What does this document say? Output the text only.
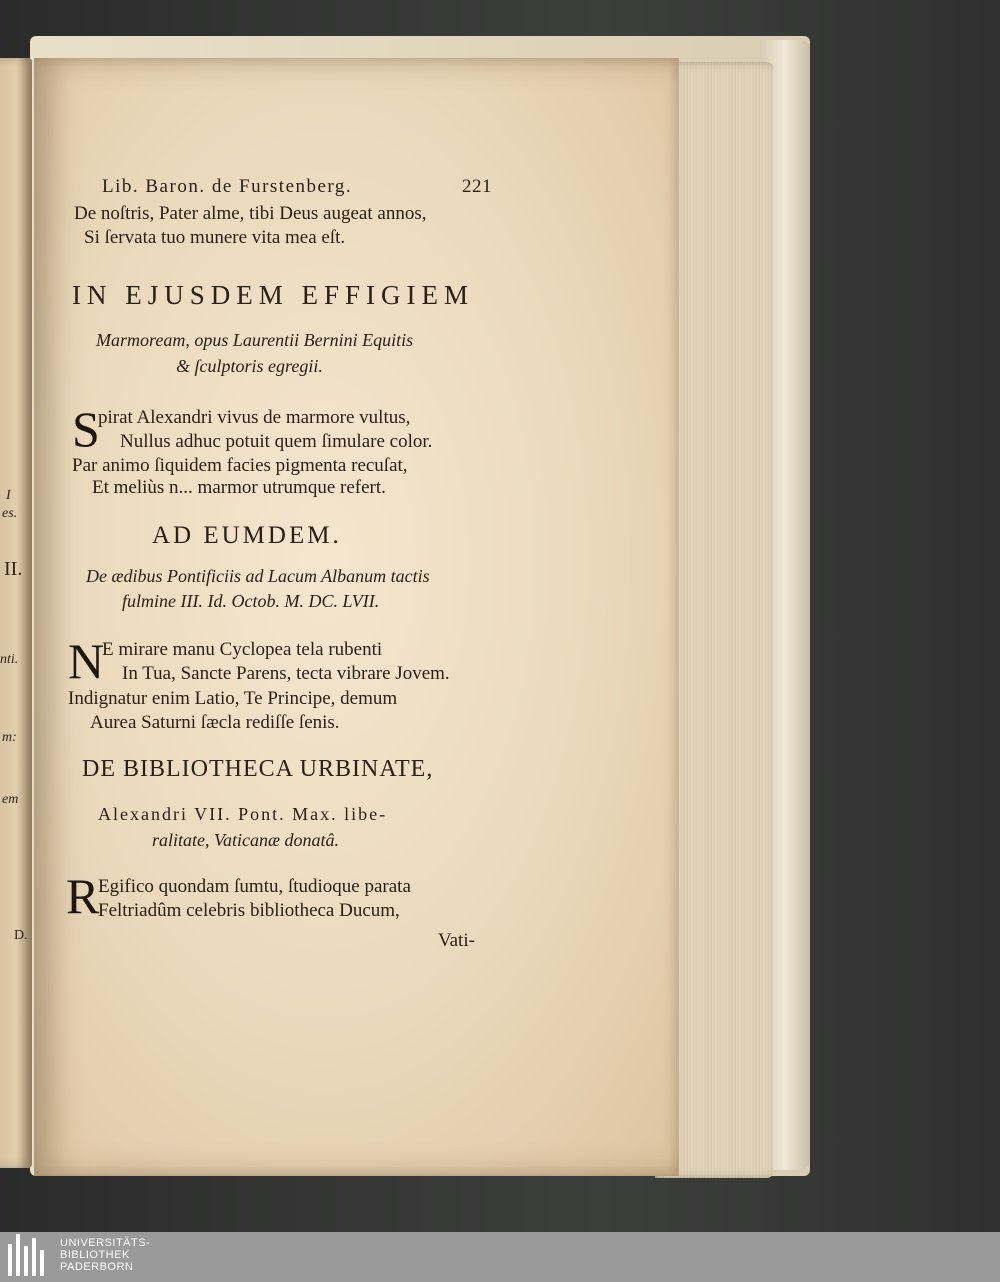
I
es.
II.
nti.
m:
em
D.
Lib. Baron. de Furstenberg.	221
De noſtris, Pater alme, tibi Deus augeat annos,
Si ſervata tuo munere vita mea eſt.
IN EJUSDEM EFFIGIEM
Marmoream, opus Laurentii Bernini Equitis
& ſculptoris egregii.
S
pirat Alexandri vivus de marmore vultus,
Nullus adhuc potuit quem ſimulare color.
Par animo ſiquidem facies pigmenta recuſat,
Et meliùs n... marmor utrumque refert.
AD EUMDEM.
De ædibus Pontificiis ad Lacum Albanum tactis
fulmine III. Id. Octob. M. DC. LVII.
N
E mirare manu Cyclopea tela rubenti
In Tua, Sancte Parens, tecta vibrare Jovem.
Indignatur enim Latio, Te Principe, demum
Aurea Saturni ſæcla rediſſe ſenis.
DE BIBLIOTHECA URBINATE,
Alexandri VII. Pont. Max. libe-
ralitate, Vaticanæ donatâ.
R
Egifico quondam ſumtu, ſtudioque parata
Feltriadûm celebris bibliotheca Ducum,
Vati-
UNIVERSITÄTS-
BIBLIOTHEK
PADERBORN
